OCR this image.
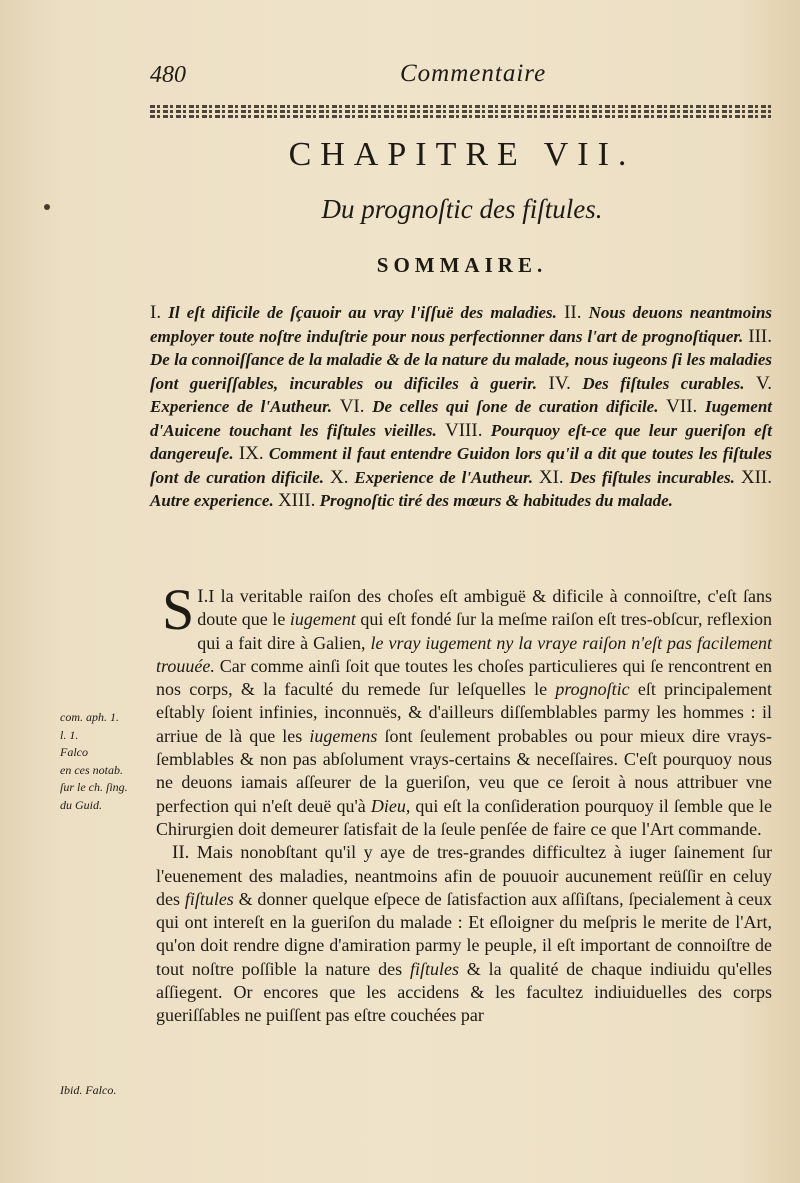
480	Commentaire
CHAPITRE VII.
Du prognoſtic des fiſtules.
SOMMAIRE.

I. Il eſt dificile de ſçauoir au vray l'iſſuë des maladies. II. Nous deuons neantmoins employer toute noſtre induſtrie pour nous perfectionner dans l'art de prognoſtiquer. III. De la connoiſſance de la maladie & de la nature du malade, nous iugeons ſi les maladies ſont gueriſſables, incurables ou dificiles à guerir. IV. Des fiſtules curables. V. Experience de l'Autheur. VI. De celles qui ſone de curation dificile. VII. Iugement d'Auicene touchant les fiſtules vieilles. VIII. Pourquoy eſt-ce que leur gueriſon eſt dangereuſe. IX. Comment il faut entendre Guidon lors qu'il a dit que toutes les fiſtules ſont de curation dificile. X. Experience de l'Autheur. XI. Des fiſtules incurables. XII. Autre experience. XIII. Prognoſtic tiré des mœurs & habitudes du malade.

I.
S I la veritable raiſon des choſes eſt ambiguë & dificile à connoiſtre, c'eſt ſans doute que le iugement qui eſt fondé ſur la meſme raiſon eſt tres-obſcur, reflexion qui a fait dire à Galien, le vray iugement ny la vraye raiſon n'eſt pas facilement trouuée. Car comme ainſi ſoit que toutes les choſes particulieres qui ſe rencontrent en nos corps, & la faculté du remede ſur leſquelles le prognoſtic eſt principalement eſtably ſoient infinies, inconnuës, & d'ailleurs diſſemblables parmy les hommes : il arriue de là que les iugemens ſont ſeulement probables ou pour mieux dire vrays-ſemblables & non pas abſolument vrays-certains & neceſſaires. C'eſt pourquoy nous ne deuons iamais aſſeurer de la gueriſon, veu que ce ſeroit à nous attribuer vne perfection qui n'eſt deuë qu'à Dieu, qui eſt la conſideration pourquoy il ſemble que le Chirurgien doit demeurer ſatisfait de la ſeule penſée de faire ce que l'Art commande.

II. Mais nonobſtant qu'il y aye de tres-grandes difficultez à iuger ſainement ſur l'euenement des maladies, neantmoins afin de pouuoir aucunement reüſſir en celuy des fiſtules & donner quelque eſpece de ſatisfaction aux aſſiſtans, ſpecialement à ceux qui ont intereſt en la gueriſon du malade : Et eſloigner du meſpris le merite de l'Art, qu'on doit rendre digne d'amiration parmy le peuple, il eſt important de connoiſtre de tout noſtre poſſible la nature des fiſtules & la qualité de chaque indiuidu qu'elles aſſiegent. Or encores que les accidens & les facultez indiuiduelles des corps gueriſſables ne puiſſent pas eſtre couchées par

com. aph. 1.
l. 1.
Falco
en ces notab.
ſur le ch. ſing.
du Guid.
Ibid. Falco.
